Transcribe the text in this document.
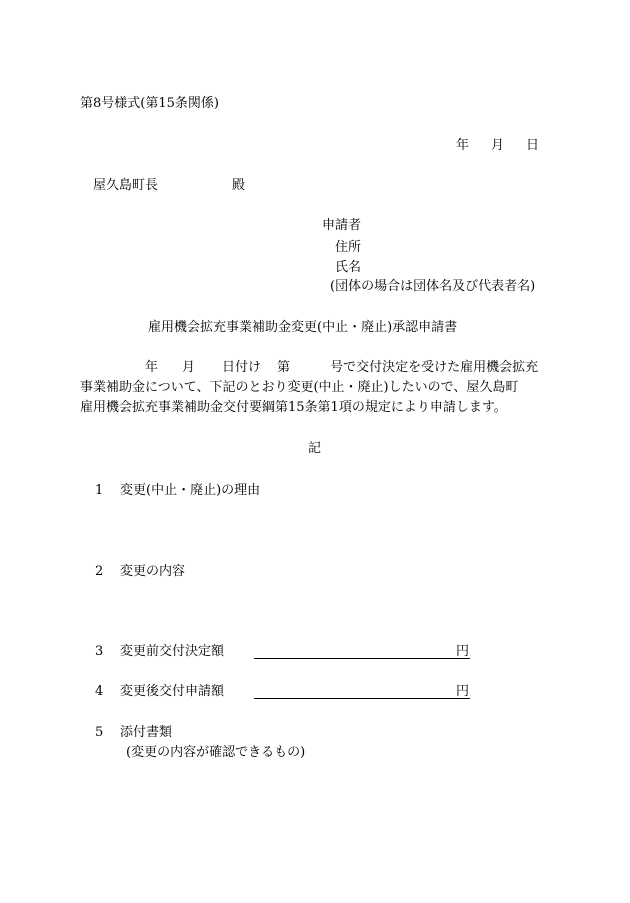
第8号様式(第15条関係)
年 月 日
屋久島町長	殿
申請者
住所
氏名
(団体の場合は団体名及び代表者名)
雇用機会拡充事業補助金変更(中止・廃止)承認申請書
年 月 日付け 第	号で交付決定を受けた雇用機会拡充
事業補助金について、下記のとおり変更(中止・廃止)したいので、屋久島町
雇用機会拡充事業補助金交付要綱第15条第1項の規定により申請します。
記
1 変更(中止・廃止)の理由
2 変更の内容
3 変更前交付決定額	円
4 変更後交付申請額	円
5 添付書類
(変更の内容が確認できるもの)
